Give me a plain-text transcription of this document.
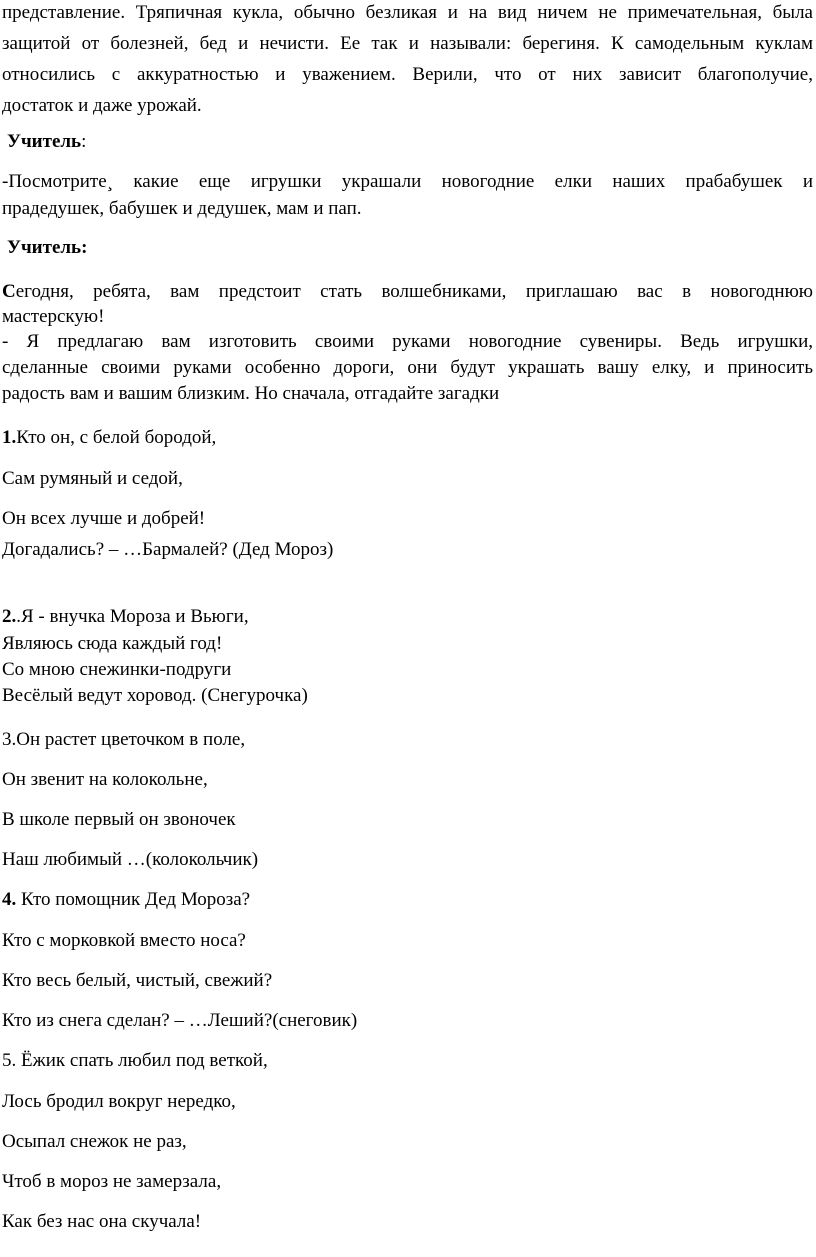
представление. Тряпичная кукла, обычно безликая и на вид ничем не примечательная, была
защитой от болезней, бед и нечисти. Ее так и называли: берегиня. К самодельным куклам
относились с аккуратностью и уважением. Верили, что от них зависит благополучие,
достаток и даже урожай.
Учитель:
-Посмотрите¸ какие еще игрушки украшали новогодние елки наших прабабушек и
прадедушек, бабушек и дедушек, мам и пап.
Учитель:
Сегодня, ребята, вам предстоит стать волшебниками, приглашаю вас в новогоднюю
мастерскую!
- Я предлагаю вам изготовить своими руками новогодние сувениры. Ведь игрушки,
сделанные своими руками особенно дороги, они будут украшать вашу елку, и приносить
радость вам и вашим близким. Но сначала, отгадайте загадки
1.Кто он, с белой бородой,
Сам румяный и седой,
Он всех лучше и добрей!
Догадались? – …Бармалей? (Дед Мороз)
2..Я - внучка Мороза и Вьюги,
Являюсь сюда каждый год!
Со мною снежинки-подруги
Весёлый ведут хоровод. (Снегурочка)
3.Он растет цветочком в поле,
Он звенит на колокольне,
В школе первый он звоночек
Наш любимый …(колокольчик)
4. Кто помощник Дед Мороза?
Кто с морковкой вместо носа?
Кто весь белый, чистый, свежий?
Кто из снега сделан? – …Леший?(снеговик)
5. Ёжик спать любил под веткой,
Лось бродил вокруг нередко,
Осыпал снежок не раз,
Чтоб в мороз не замерзала,
Как без нас она скучала!
